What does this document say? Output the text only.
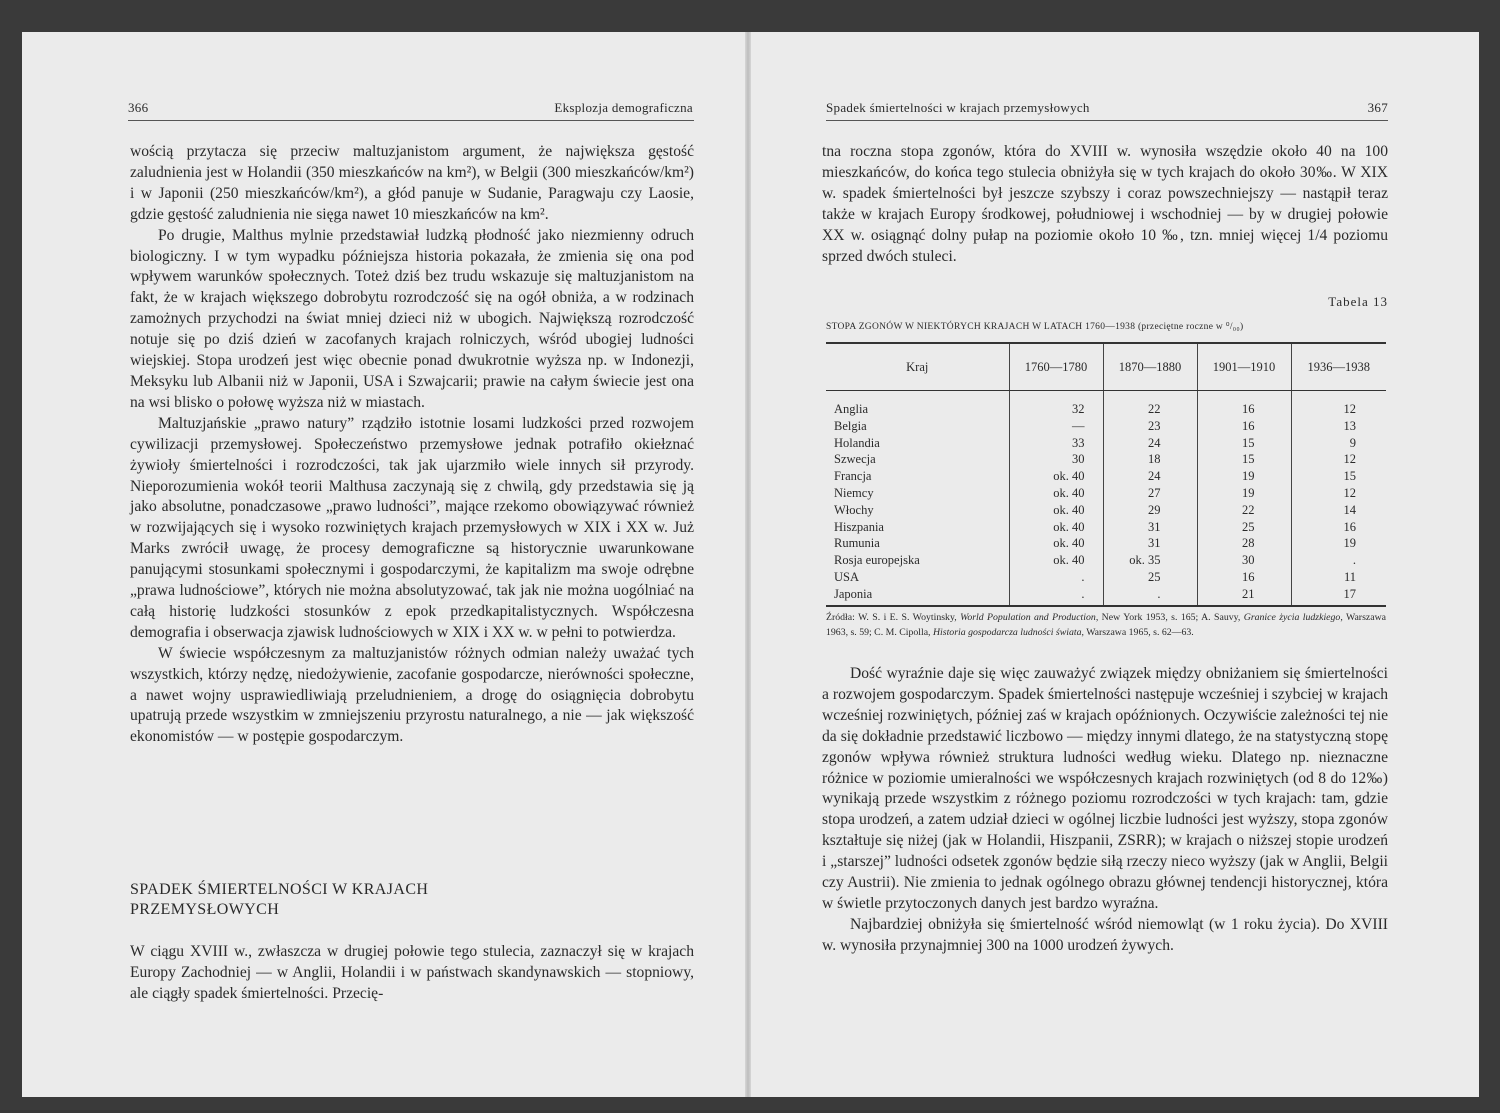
366	Eksplozja demograficzna

wością przytacza się przeciw maltuzjanistom argument, że największa gęstość zaludnienia jest w Holandii (350 mieszkańców na km²), w Belgii (300 mieszkańców/km²) i w Japonii (250 mieszkańców/km²), a głód panuje w Sudanie, Paragwaju czy Laosie, gdzie gęstość zaludnienia nie sięga nawet 10 mieszkańców na km².

Po drugie, Malthus mylnie przedstawiał ludzką płodność jako niezmienny odruch biologiczny. I w tym wypadku późniejsza historia pokazała, że zmienia się ona pod wpływem warunków społecznych. Toteż dziś bez trudu wskazuje się maltuzjanistom na fakt, że w krajach większego dobrobytu rozrodczość się na ogół obniża, a w rodzinach zamożnych przychodzi na świat mniej dzieci niż w ubogich. Największą rozrodczość notuje się po dziś dzień w zacofanych krajach rolniczych, wśród ubogiej ludności wiejskiej. Stopa urodzeń jest więc obecnie ponad dwukrotnie wyższa np. w Indonezji, Meksyku lub Albanii niż w Japonii, USA i Szwajcarii; prawie na całym świecie jest ona na wsi blisko o połowę wyższa niż w miastach.

Maltuzjańskie „prawo natury” rządziło istotnie losami ludzkości przed rozwojem cywilizacji przemysłowej. Społeczeństwo przemysłowe jednak potrafiło okiełznać żywioły śmiertelności i rozrodczości, tak jak ujarzmiło wiele innych sił przyrody. Nieporozumienia wokół teorii Malthusa zaczynają się z chwilą, gdy przedstawia się ją jako absolutne, ponadczasowe „prawo ludności”, mające rzekomo obowiązywać również w rozwijających się i wysoko rozwiniętych krajach przemysłowych w XIX i XX w. Już Marks zwrócił uwagę, że procesy demograficzne są historycznie uwarunkowane panującymi stosunkami społecznymi i gospodarczymi, że kapitalizm ma swoje odrębne „prawa ludnościowe”, których nie można absolutyzować, tak jak nie można uogólniać na całą historię ludzkości stosunków z epok przedkapitalistycznych. Współczesna demografia i obserwacja zjawisk ludnościowych w XIX i XX w. w pełni to potwierdza.

W świecie współczesnym za maltuzjanistów różnych odmian należy uważać tych wszystkich, którzy nędzę, niedożywienie, zacofanie gospodarcze, nierówności społeczne, a nawet wojny usprawiedliwiają przeludnieniem, a drogę do osiągnięcia dobrobytu upatrują przede wszystkim w zmniejszeniu przyrostu naturalnego, a nie — jak większość ekonomistów — w postępie gospodarczym.

SPADEK ŚMIERTELNOŚCI W KRAJACH
PRZEMYSŁOWYCH

W ciągu XVIII w., zwłaszcza w drugiej połowie tego stulecia, zaznaczył się w krajach Europy Zachodniej — w Anglii, Holandii i w państwach skandynawskich — stopniowy, ale ciągły spadek śmiertelności. Przecię-

Spadek śmiertelności w krajach przemysłowych	367

tna roczna stopa zgonów, która do XVIII w. wynosiła wszędzie około 40 na 100 mieszkańców, do końca tego stulecia obniżyła się w tych krajach do około 30‰. W XIX w. spadek śmiertelności był jeszcze szybszy i coraz powszechniejszy — nastąpił teraz także w krajach Europy środkowej, południowej i wschodniej — by w drugiej połowie XX w. osiągnąć dolny pułap na poziomie około 10 ‰, tzn. mniej więcej 1/4 poziomu sprzed dwóch stuleci.

Tabela 13
STOPA ZGONÓW W NIEKTÓRYCH KRAJACH W LATACH 1760—1938 (przeciętne roczne w ⁰/₀₀)
Kraj	1760—1780	1870—1880	1901—1910	1936—1938

Anglia	32	22	16	12
Belgia	—	23	16	13
Holandia	33	24	15	9
Szwecja	30	18	15	12
Francja	ok. 40	24	19	15
Niemcy	ok. 40	27	19	12
Włochy	ok. 40	29	22	14
Hiszpania	ok. 40	31	25	16
Rumunia	ok. 40	31	28	19
Rosja europejska	ok. 40	ok. 35	30	.
USA	.	25	16	11
Japonia	.	.	21	17
Źródła: W. S. i E. S. Woytinsky, World Population and Production, New York 1953, s. 165; A. Sauvy, Granice życia ludzkiego, Warszawa 1963, s. 59; C. M. Cipolla, Historia gospodarcza ludności świata, Warszawa 1965, s. 62—63.

Dość wyraźnie daje się więc zauważyć związek między obniżaniem się śmiertelności a rozwojem gospodarczym. Spadek śmiertelności następuje wcześniej i szybciej w krajach wcześniej rozwiniętych, później zaś w krajach opóźnionych. Oczywiście zależności tej nie da się dokładnie przedstawić liczbowo — między innymi dlatego, że na statystyczną stopę zgonów wpływa również struktura ludności według wieku. Dlatego np. nieznaczne różnice w poziomie umieralności we współczesnych krajach rozwiniętych (od 8 do 12‰) wynikają przede wszystkim z różnego poziomu rozrodczości w tych krajach: tam, gdzie stopa urodzeń, a zatem udział dzieci w ogólnej liczbie ludności jest wyższy, stopa zgonów kształtuje się niżej (jak w Holandii, Hiszpanii, ZSRR); w krajach o niższej stopie urodzeń i „starszej” ludności odsetek zgonów będzie siłą rzeczy nieco wyższy (jak w Anglii, Belgii czy Austrii). Nie zmienia to jednak ogólnego obrazu głównej tendencji historycznej, która w świetle przytoczonych danych jest bardzo wyraźna.

Najbardziej obniżyła się śmiertelność wśród niemowląt (w 1 roku życia). Do XVIII w. wynosiła przynajmniej 300 na 1000 urodzeń żywych.
